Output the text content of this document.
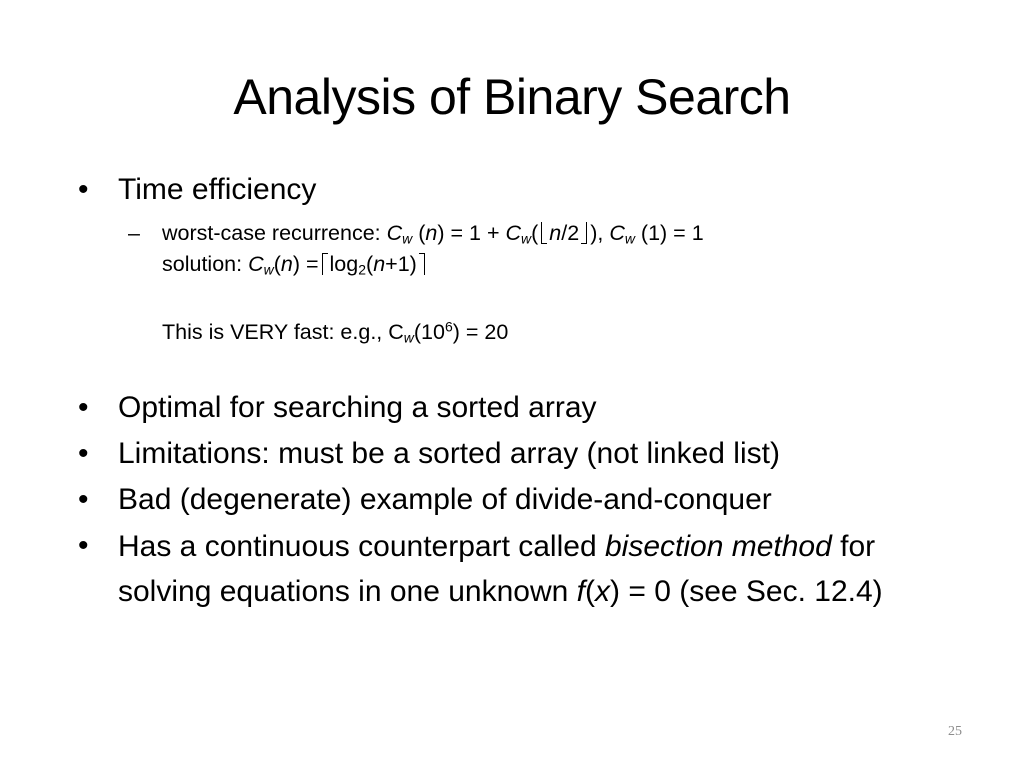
Analysis of Binary Search
• Time efficiency
– worst-case recurrence: $C_w$ $(n) = 1 + C_w$( n/2 ), $C_w$ (1) = 1
solution: $C_w(n) = \log_2(n+1)$
This is VERY fast: e.g., $C_w(10^6) = 20$
• Optimal for searching a sorted array
• Limitations: must be a sorted array (not linked list)
• Bad (degenerate) example of divide-and-conquer
• Has a continuous counterpart called bisection method for solving equations in one unknown f(x) = 0 (see Sec. 12.4)
25
